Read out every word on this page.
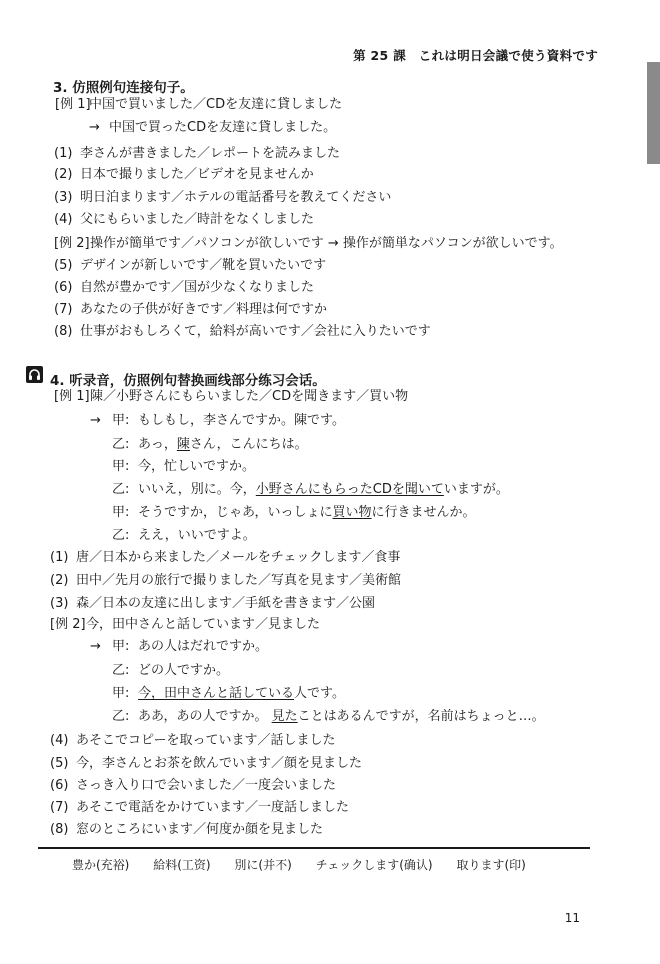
第 25 課　これは明日会議で使う資料です
3. 仿照例句连接句子。
[例 1]中国で買いました／CDを友達に貸しました
→ 中国で買ったCDを友達に貸しました。
(1) 李さんが書きました／レポートを読みました
(2) 日本で撮りました／ビデオを見ませんか
(3) 明日泊まります／ホテルの電話番号を教えてください
(4) 父にもらいました／時計をなくしました
[例 2]操作が簡単です／パソコンが欲しいです → 操作が簡単なパソコンが欲しいです。
(5) デザインが新しいです／靴を買いたいです
(6) 自然が豊かです／国が少なくなりました
(7) あなたの子供が好きです／料理は何ですか
(8) 仕事がおもしろくて，給料が高いです／会社に入りたいです
4. 听录音，仿照例句替换画线部分练习会话。
[例 1]陳／小野さんにもらいました／CDを聞きます／買い物
→ 甲: もしもし，李さんですか。陳です。
乙: あっ，陳さん，こんにちは。
甲: 今，忙しいですか。
乙: いいえ，別に。今，小野さんにもらったCDを聞いていますが。
甲: そうですか，じゃあ，いっしょに買い物に行きませんか。
乙: ええ，いいですよ。
(1) 唐／日本から来ました／メールをチェックします／食事
(2) 田中／先月の旅行で撮りました／写真を見ます／美術館
(3) 森／日本の友達に出します／手紙を書きます／公園
[例 2]今，田中さんと話しています／見ました
→ 甲: あの人はだれですか。
乙: どの人ですか。
甲: 今，田中さんと話している人です。
乙: ああ，あの人ですか。 見たことはあるんですが，名前はちょっと…。
(4) あそこでコピーを取っています／話しました
(5) 今，李さんとお茶を飲んでいます／顔を見ました
(6) さっき入り口で会いました／一度会いました
(7) あそこで電話をかけています／一度話しました
(8) 窓のところにいます／何度か顔を見ました
豊か(充裕) 給料(工资) 別に(并不) チェックします(确认) 取ります(印)
11
